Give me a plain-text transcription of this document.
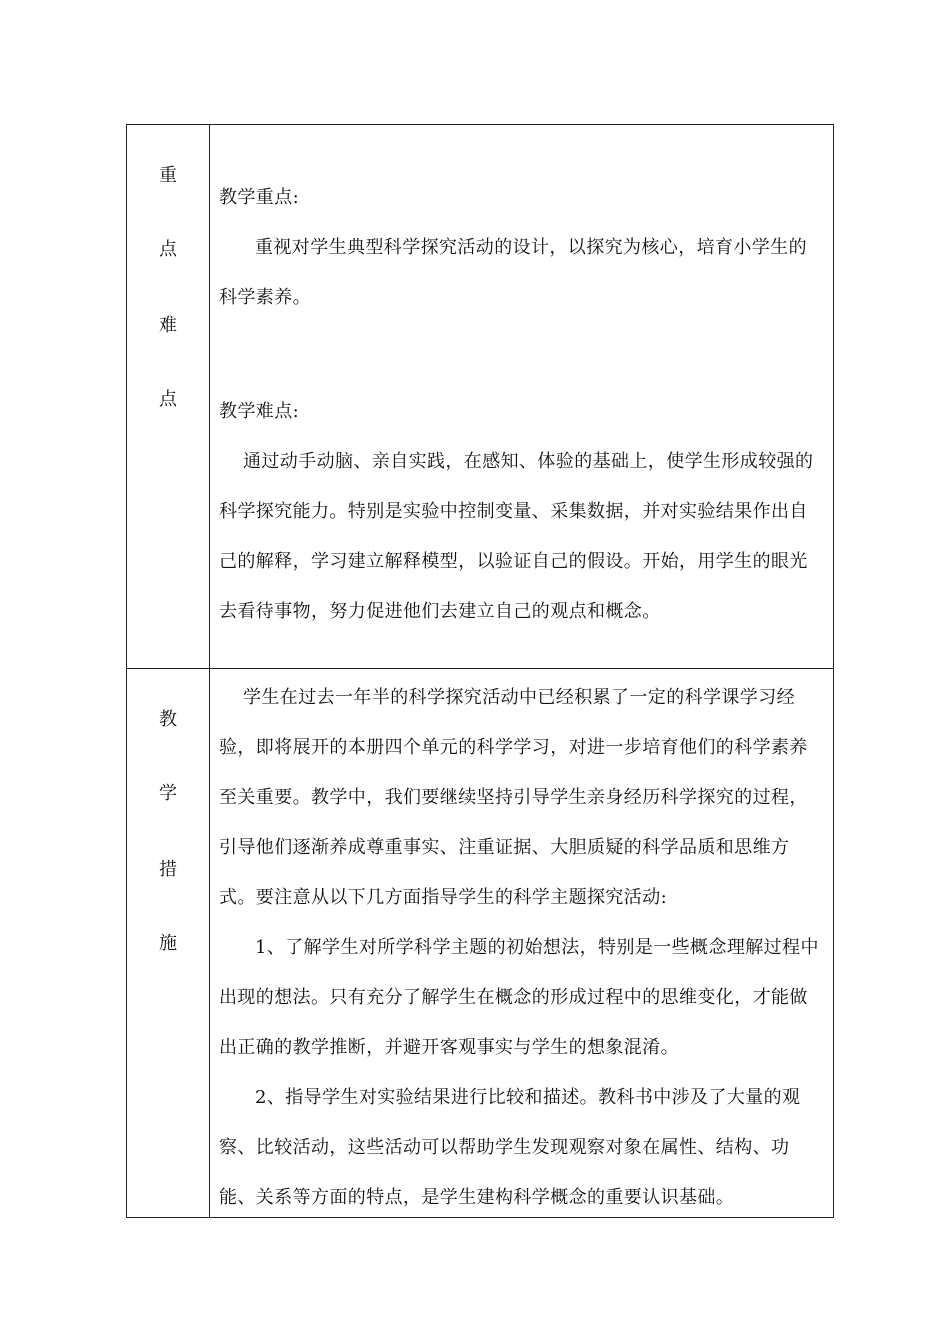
重
点
难
点

教学重点:

重视对学生典型科学探究活动的设计，以探究为核心，培育小学生的科学素养。

教学难点:

通过动手动脑、亲自实践，在感知、体验的基础上，使学生形成较强的科学探究能力。特别是实验中控制变量、采集数据，并对实验结果作出自己的解释，学习建立解释模型，以验证自己的假设。开始，用学生的眼光去看待事物，努力促进他们去建立自己的观点和概念。

教
学
措
施

学生在过去一年半的科学探究活动中已经积累了一定的科学课学习经验，即将展开的本册四个单元的科学学习，对进一步培育他们的科学素养至关重要。教学中，我们要继续坚持引导学生亲身经历科学探究的过程，引导他们逐渐养成尊重事实、注重证据、大胆质疑的科学品质和思维方式。要注意从以下几方面指导学生的科学主题探究活动:

1、了解学生对所学科学主题的初始想法，特别是一些概念理解过程中出现的想法。只有充分了解学生在概念的形成过程中的思维变化，才能做出正确的教学推断，并避开客观事实与学生的想象混淆。

2、指导学生对实验结果进行比较和描述。教科书中涉及了大量的观察、比较活动，这些活动可以帮助学生发现观察对象在属性、结构、功能、关系等方面的特点，是学生建构科学概念的重要认识基础。
